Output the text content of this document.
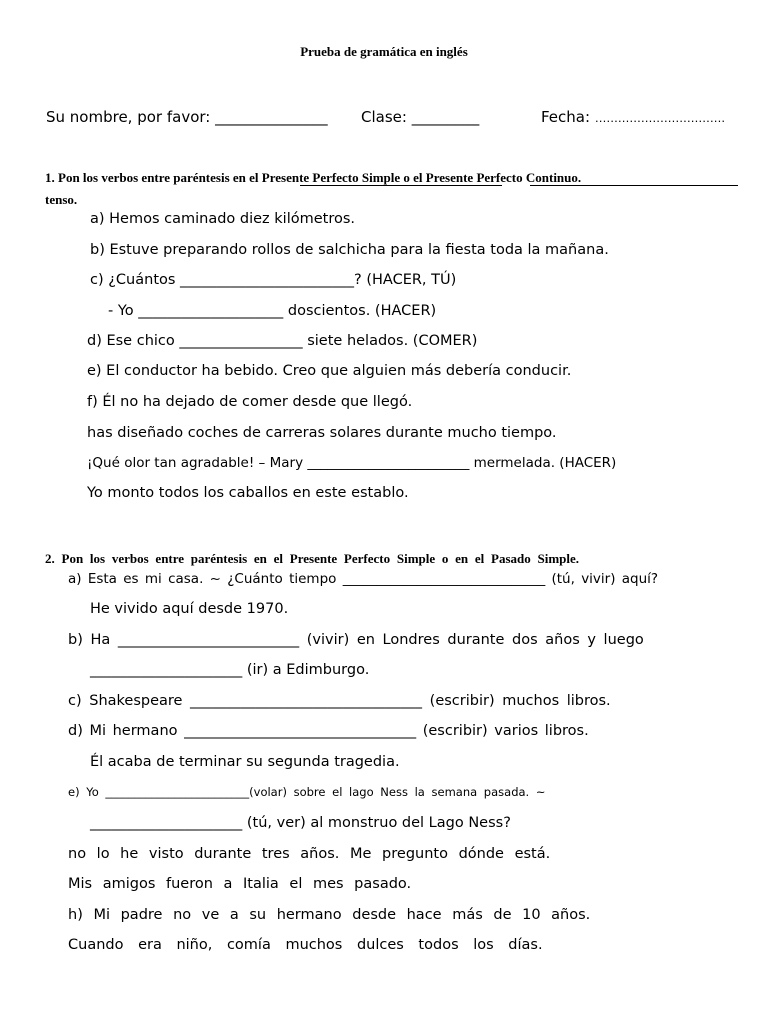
Prueba de gramática en inglés
Su nombre, por favor: _______________ Clase: _________	Fecha: …………………………….
1. Pon los verbos entre paréntesis en el Presente Perfecto Simple o el Presente Perfecto Continuo.
tenso.
a) Hemos caminado diez kilómetros.
b) Estuve preparando rollos de salchicha para la fiesta toda la mañana.
c) ¿Cuántos ________________________? (HACER, TÚ)
- Yo ____________________ doscientos. (HACER)
d) Ese chico _________________ siete helados. (COMER)
e) El conductor ha bebido. Creo que alguien más debería conducir.
f) Él no ha dejado de comer desde que llegó.
has diseñado coches de carreras solares durante mucho tiempo.
¡Qué olor tan agradable! – Mary ________________________ mermelada. (HACER)
Yo monto todos los caballos en este establo.
2. Pon los verbos entre paréntesis en el Presente Perfecto Simple o en el Pasado Simple.
a) Esta es mi casa. ~ ¿Cuánto tiempo ______________________________ (tú, vivir) aquí?
He vivido aquí desde 1970.
b) Ha _________________________ (vivir) en Londres durante dos años y luego
_____________________ (ir) a Edimburgo.
c) Shakespeare ________________________________ (escribir) muchos libros.
d) Mi hermano ________________________________ (escribir) varios libros.
Él acaba de terminar su segunda tragedia.
e) Yo _________________________(volar) sobre el lago Ness la semana pasada. ~
_____________________ (tú, ver) al monstruo del Lago Ness?
no lo he visto durante tres años. Me pregunto dónde está.
Mis amigos fueron a Italia el mes pasado.
h) Mi padre no ve a su hermano desde hace más de 10 años.
Cuando era niño, comía muchos dulces todos los días.
